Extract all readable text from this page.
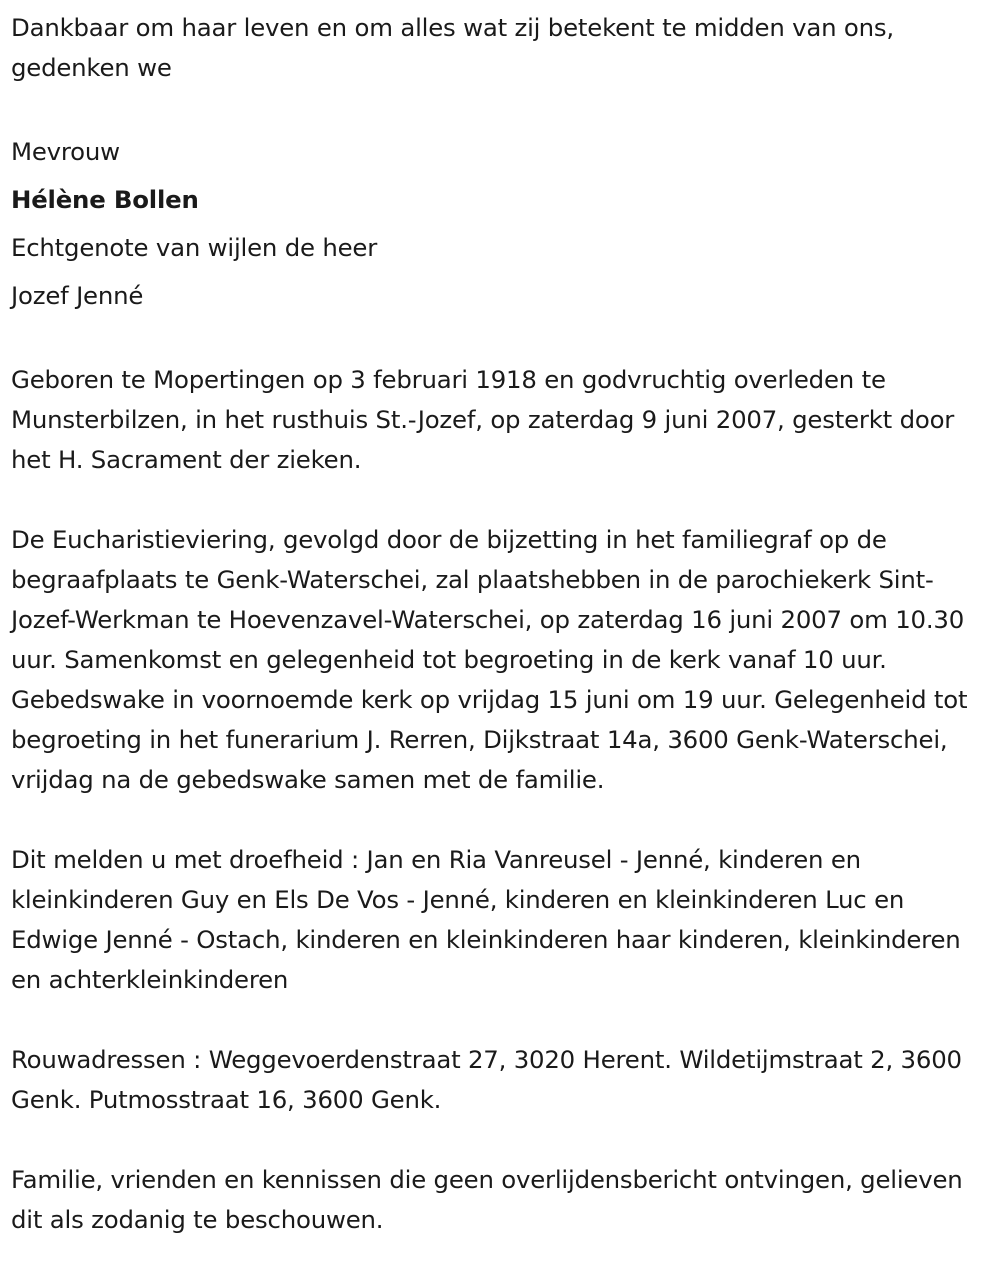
Dankbaar om haar leven en om alles wat zij betekent te midden van ons, gedenken we

Mevrouw

Hélène Bollen

Echtgenote van wijlen de heer

Jozef Jenné

Geboren te Mopertingen op 3 februari 1918 en godvruchtig overleden te Munsterbilzen, in het rusthuis St.-Jozef, op zaterdag 9 juni 2007, gesterkt door het H. Sacrament der zieken.

De Eucharistieviering, gevolgd door de bijzetting in het familiegraf op de begraafplaats te Genk-Waterschei, zal plaatshebben in de parochiekerk Sint-Jozef-Werkman te Hoevenzavel-Waterschei, op zaterdag 16 juni 2007 om 10.30 uur. Samenkomst en gelegenheid tot begroeting in de kerk vanaf 10 uur. Gebedswake in voornoemde kerk op vrijdag 15 juni om 19 uur. Gelegenheid tot begroeting in het funerarium J. Rerren, Dijkstraat 14a, 3600 Genk-Waterschei, vrijdag na de gebedswake samen met de familie.

Dit melden u met droefheid : Jan en Ria Vanreusel - Jenné, kinderen en kleinkinderen Guy en Els De Vos - Jenné, kinderen en kleinkinderen Luc en Edwige Jenné - Ostach, kinderen en kleinkinderen haar kinderen, kleinkinderen en achterkleinkinderen

Rouwadressen : Weggevoerdenstraat 27, 3020 Herent. Wildetijmstraat 2, 3600 Genk. Putmosstraat 16, 3600 Genk.

Familie, vrienden en kennissen die geen overlijdensbericht ontvingen, gelieven dit als zodanig te beschouwen.
